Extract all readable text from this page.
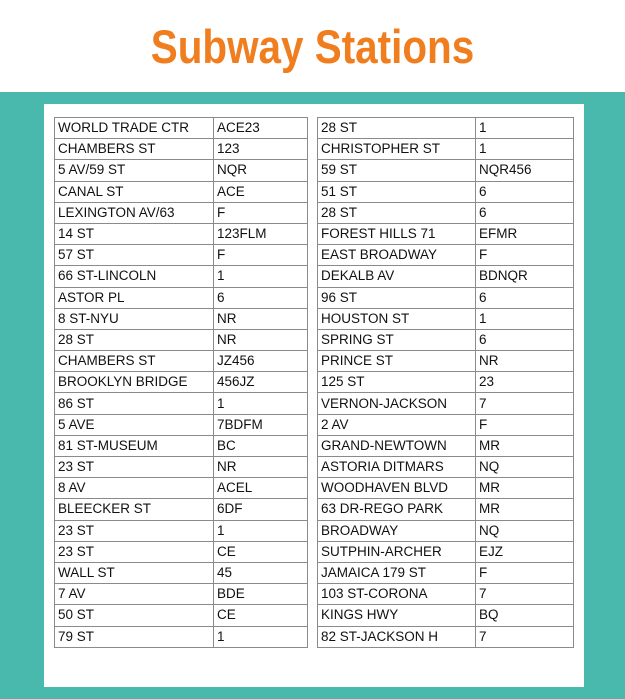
Subway Stations
WORLD TRADE CTR	ACE23
CHAMBERS ST	123
5 AV/59 ST	NQR
CANAL ST	ACE
LEXINGTON AV/63	F
14 ST	123FLM
57 ST	F
66 ST-LINCOLN	1
ASTOR PL	6
8 ST-NYU	NR
28 ST	NR
CHAMBERS ST	JZ456
BROOKLYN BRIDGE	456JZ
86 ST	1
5 AVE	7BDFM
81 ST-MUSEUM	BC
23 ST	NR
8 AV	ACEL
BLEECKER ST	6DF
23 ST	1
23 ST	CE
WALL ST	45
7 AV	BDE
50 ST	CE
79 ST	1
28 ST	1
CHRISTOPHER ST	1
59 ST	NQR456
51 ST	6
28 ST	6
FOREST HILLS 71	EFMR
EAST BROADWAY	F
DEKALB AV	BDNQR
96 ST	6
HOUSTON ST	1
SPRING ST	6
PRINCE ST	NR
125 ST	23
VERNON-JACKSON	7
2 AV	F
GRAND-NEWTOWN	MR
ASTORIA DITMARS	NQ
WOODHAVEN BLVD	MR
63 DR-REGO PARK	MR
BROADWAY	NQ
SUTPHIN-ARCHER	EJZ
JAMAICA 179 ST	F
103 ST-CORONA	7
KINGS HWY	BQ
82 ST-JACKSON H	7
